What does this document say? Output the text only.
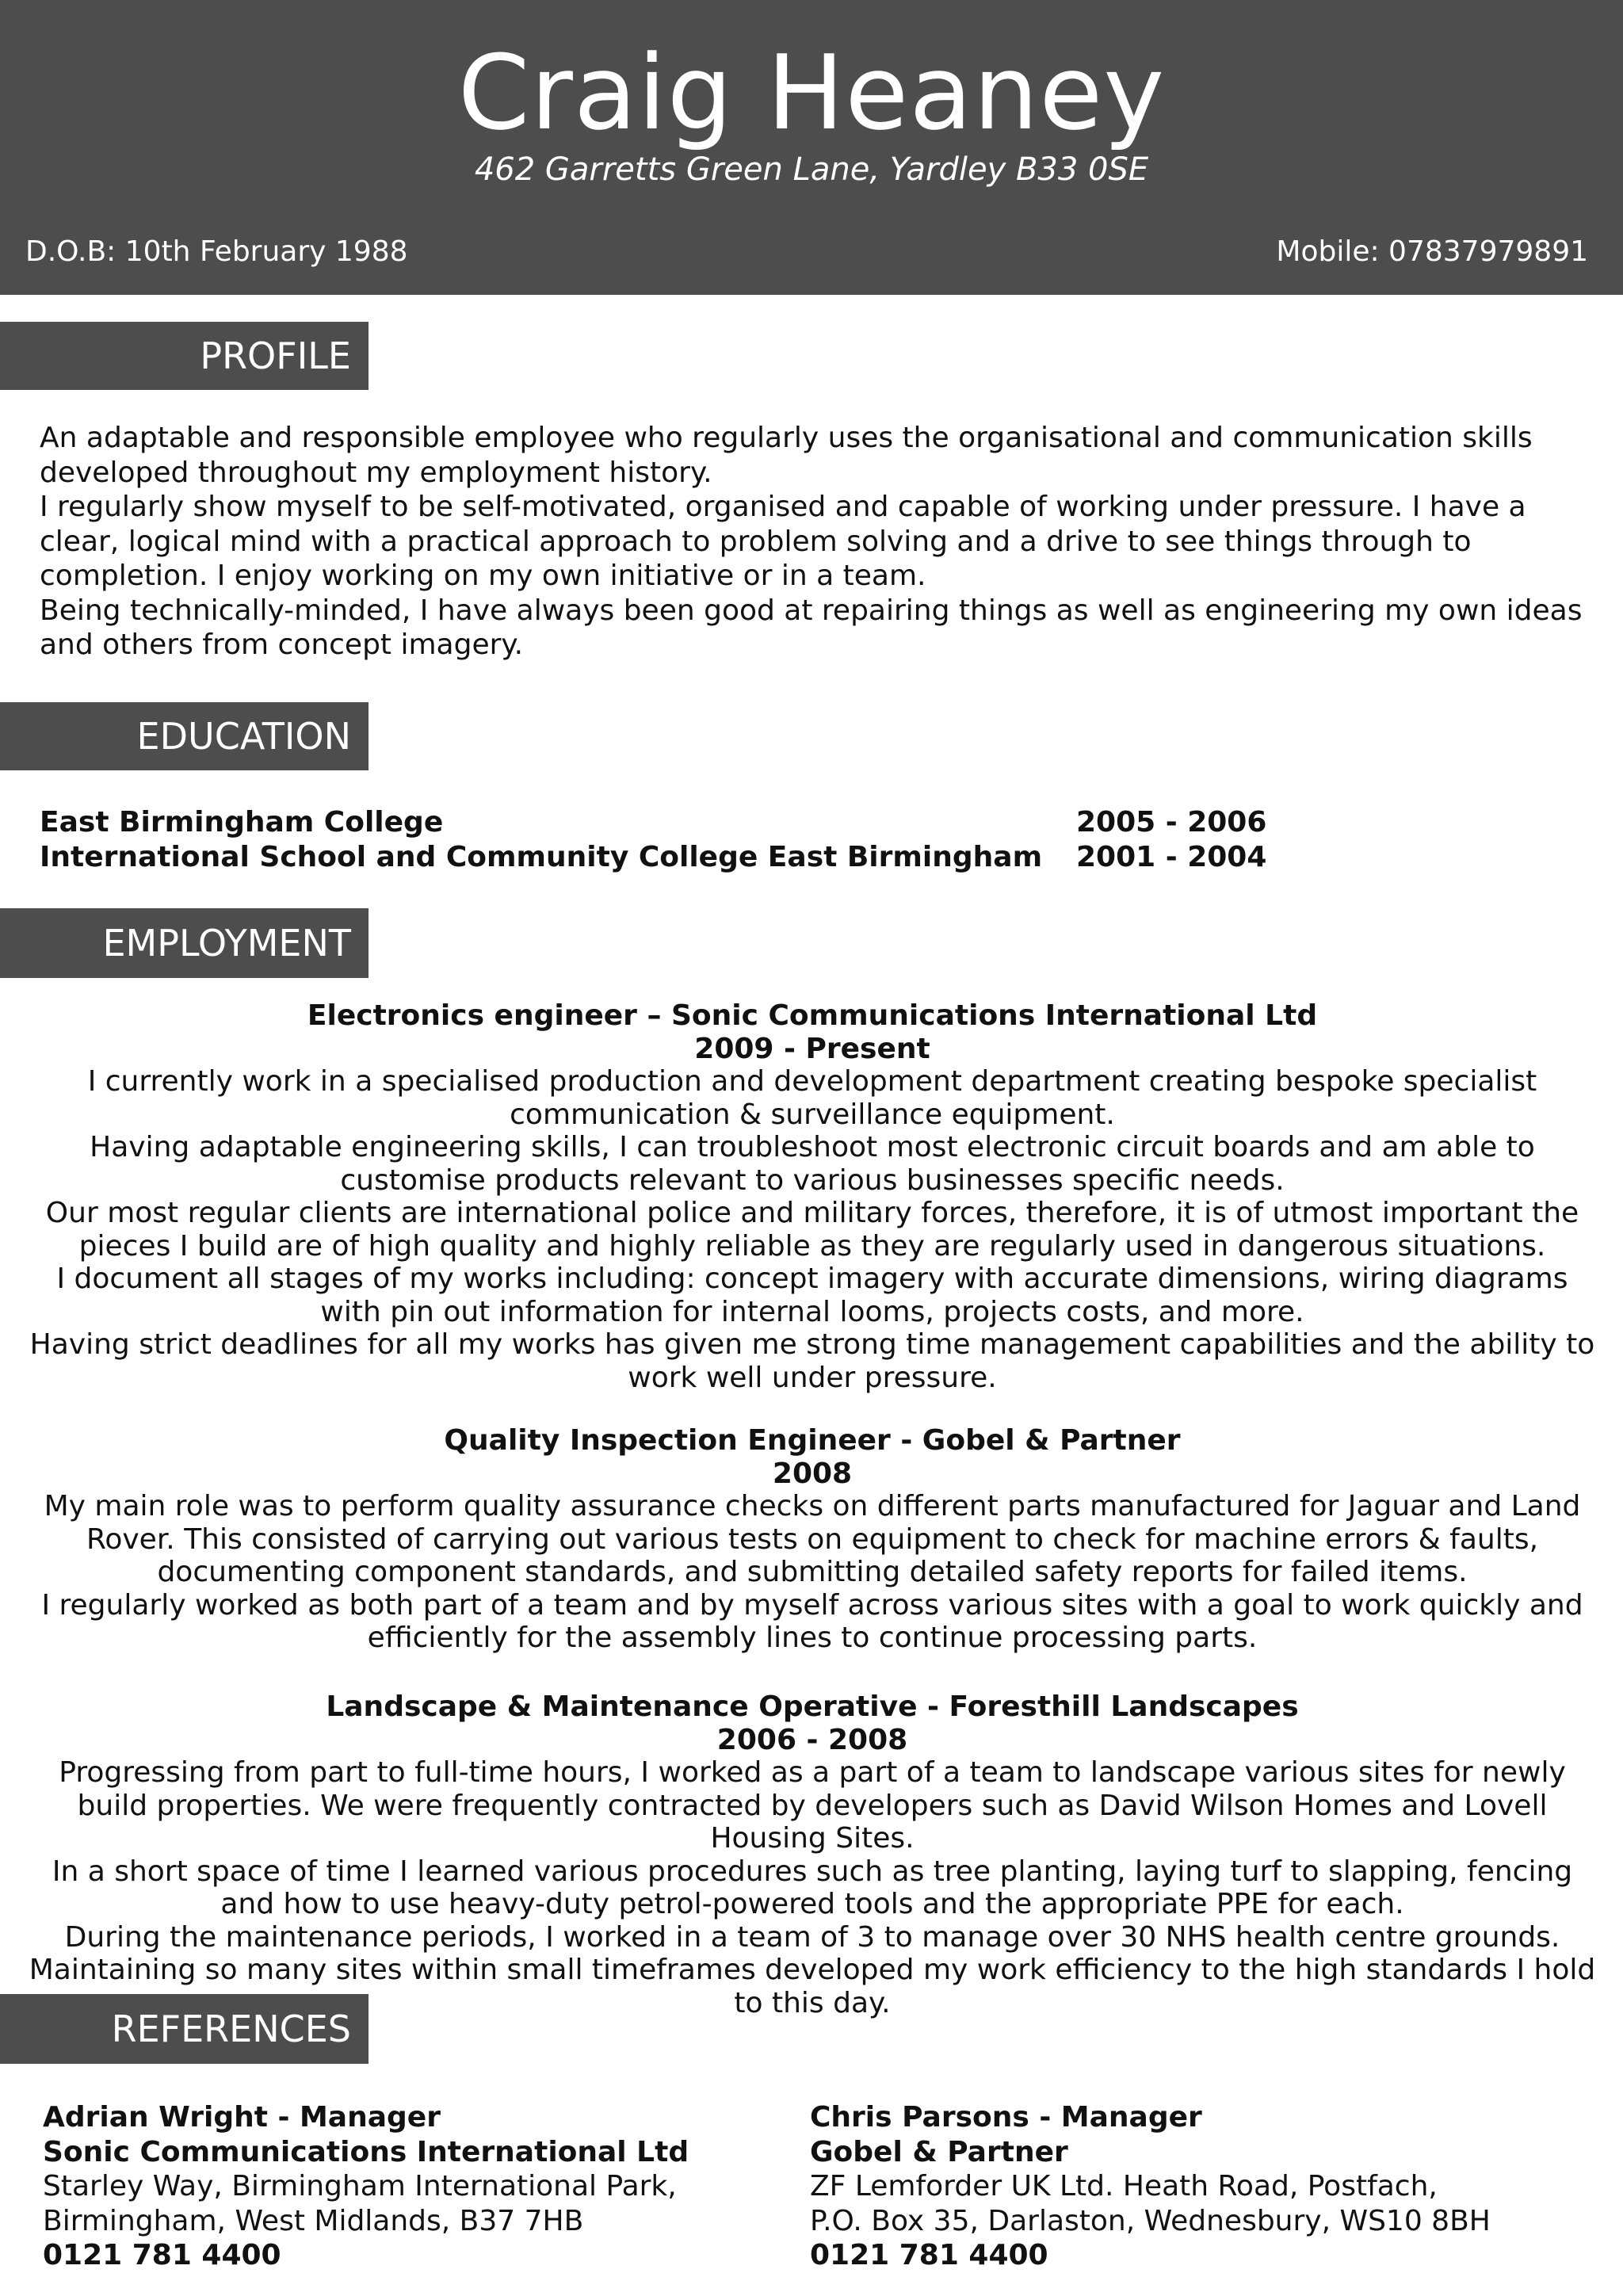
Craig Heaney
462 Garretts Green Lane, Yardley B33 0SE
D.O.B: 10th February 1988	Mobile: 07837979891
PROFILE

An adaptable and responsible employee who regularly uses the organisational and communication skills developed throughout my employment history.

I regularly show myself to be self-motivated, organised and capable of working under pressure. I have a clear, logical mind with a practical approach to problem solving and a drive to see things through to completion. I enjoy working on my own initiative or in a team.

Being technically-minded, I have always been good at repairing things as well as engineering my own ideas and others from concept imagery.

EDUCATION
East Birmingham College	2005 - 2006
International School and Community College East Birmingham 2001 - 2004
EMPLOYMENT
Electronics engineer – Sonic Communications International Ltd
2009 - Present

I currently work in a specialised production and development department creating bespoke specialist communication & surveillance equipment.

Having adaptable engineering skills, I can troubleshoot most electronic circuit boards and am able to customise products relevant to various businesses specific needs.

Our most regular clients are international police and military forces, therefore, it is of utmost important the pieces I build are of high quality and highly reliable as they are regularly used in dangerous situations.

I document all stages of my works including: concept imagery with accurate dimensions, wiring diagrams with pin out information for internal looms, projects costs, and more.

Having strict deadlines for all my works has given me strong time management capabilities and the ability to work well under pressure.

Quality Inspection Engineer - Gobel & Partner
2008

My main role was to perform quality assurance checks on different parts manufactured for Jaguar and Land Rover. This consisted of carrying out various tests on equipment to check for machine errors & faults, documenting component standards, and submitting detailed safety reports for failed items.

I regularly worked as both part of a team and by myself across various sites with a goal to work quickly and efficiently for the assembly lines to continue processing parts.

Landscape & Maintenance Operative - Foresthill Landscapes
2006 - 2008

Progressing from part to full-time hours, I worked as a part of a team to landscape various sites for newly build properties. We were frequently contracted by developers such as David Wilson Homes and Lovell Housing Sites.

In a short space of time I learned various procedures such as tree planting, laying turf to slapping, fencing and how to use heavy-duty petrol-powered tools and the appropriate PPE for each.

During the maintenance periods, I worked in a team of 3 to manage over 30 NHS health centre grounds. Maintaining so many sites within small timeframes developed my work efficiency to the high standards I hold to this day.

REFERENCES
Adrian Wright - Manager
Sonic Communications International Ltd
Starley Way, Birmingham International Park,
Birmingham, West Midlands, B37 7HB
0121 781 4400
Chris Parsons - Manager
Gobel & Partner
ZF Lemforder UK Ltd. Heath Road, Postfach,
P.O. Box 35, Darlaston, Wednesbury, WS10 8BH
0121 781 4400
